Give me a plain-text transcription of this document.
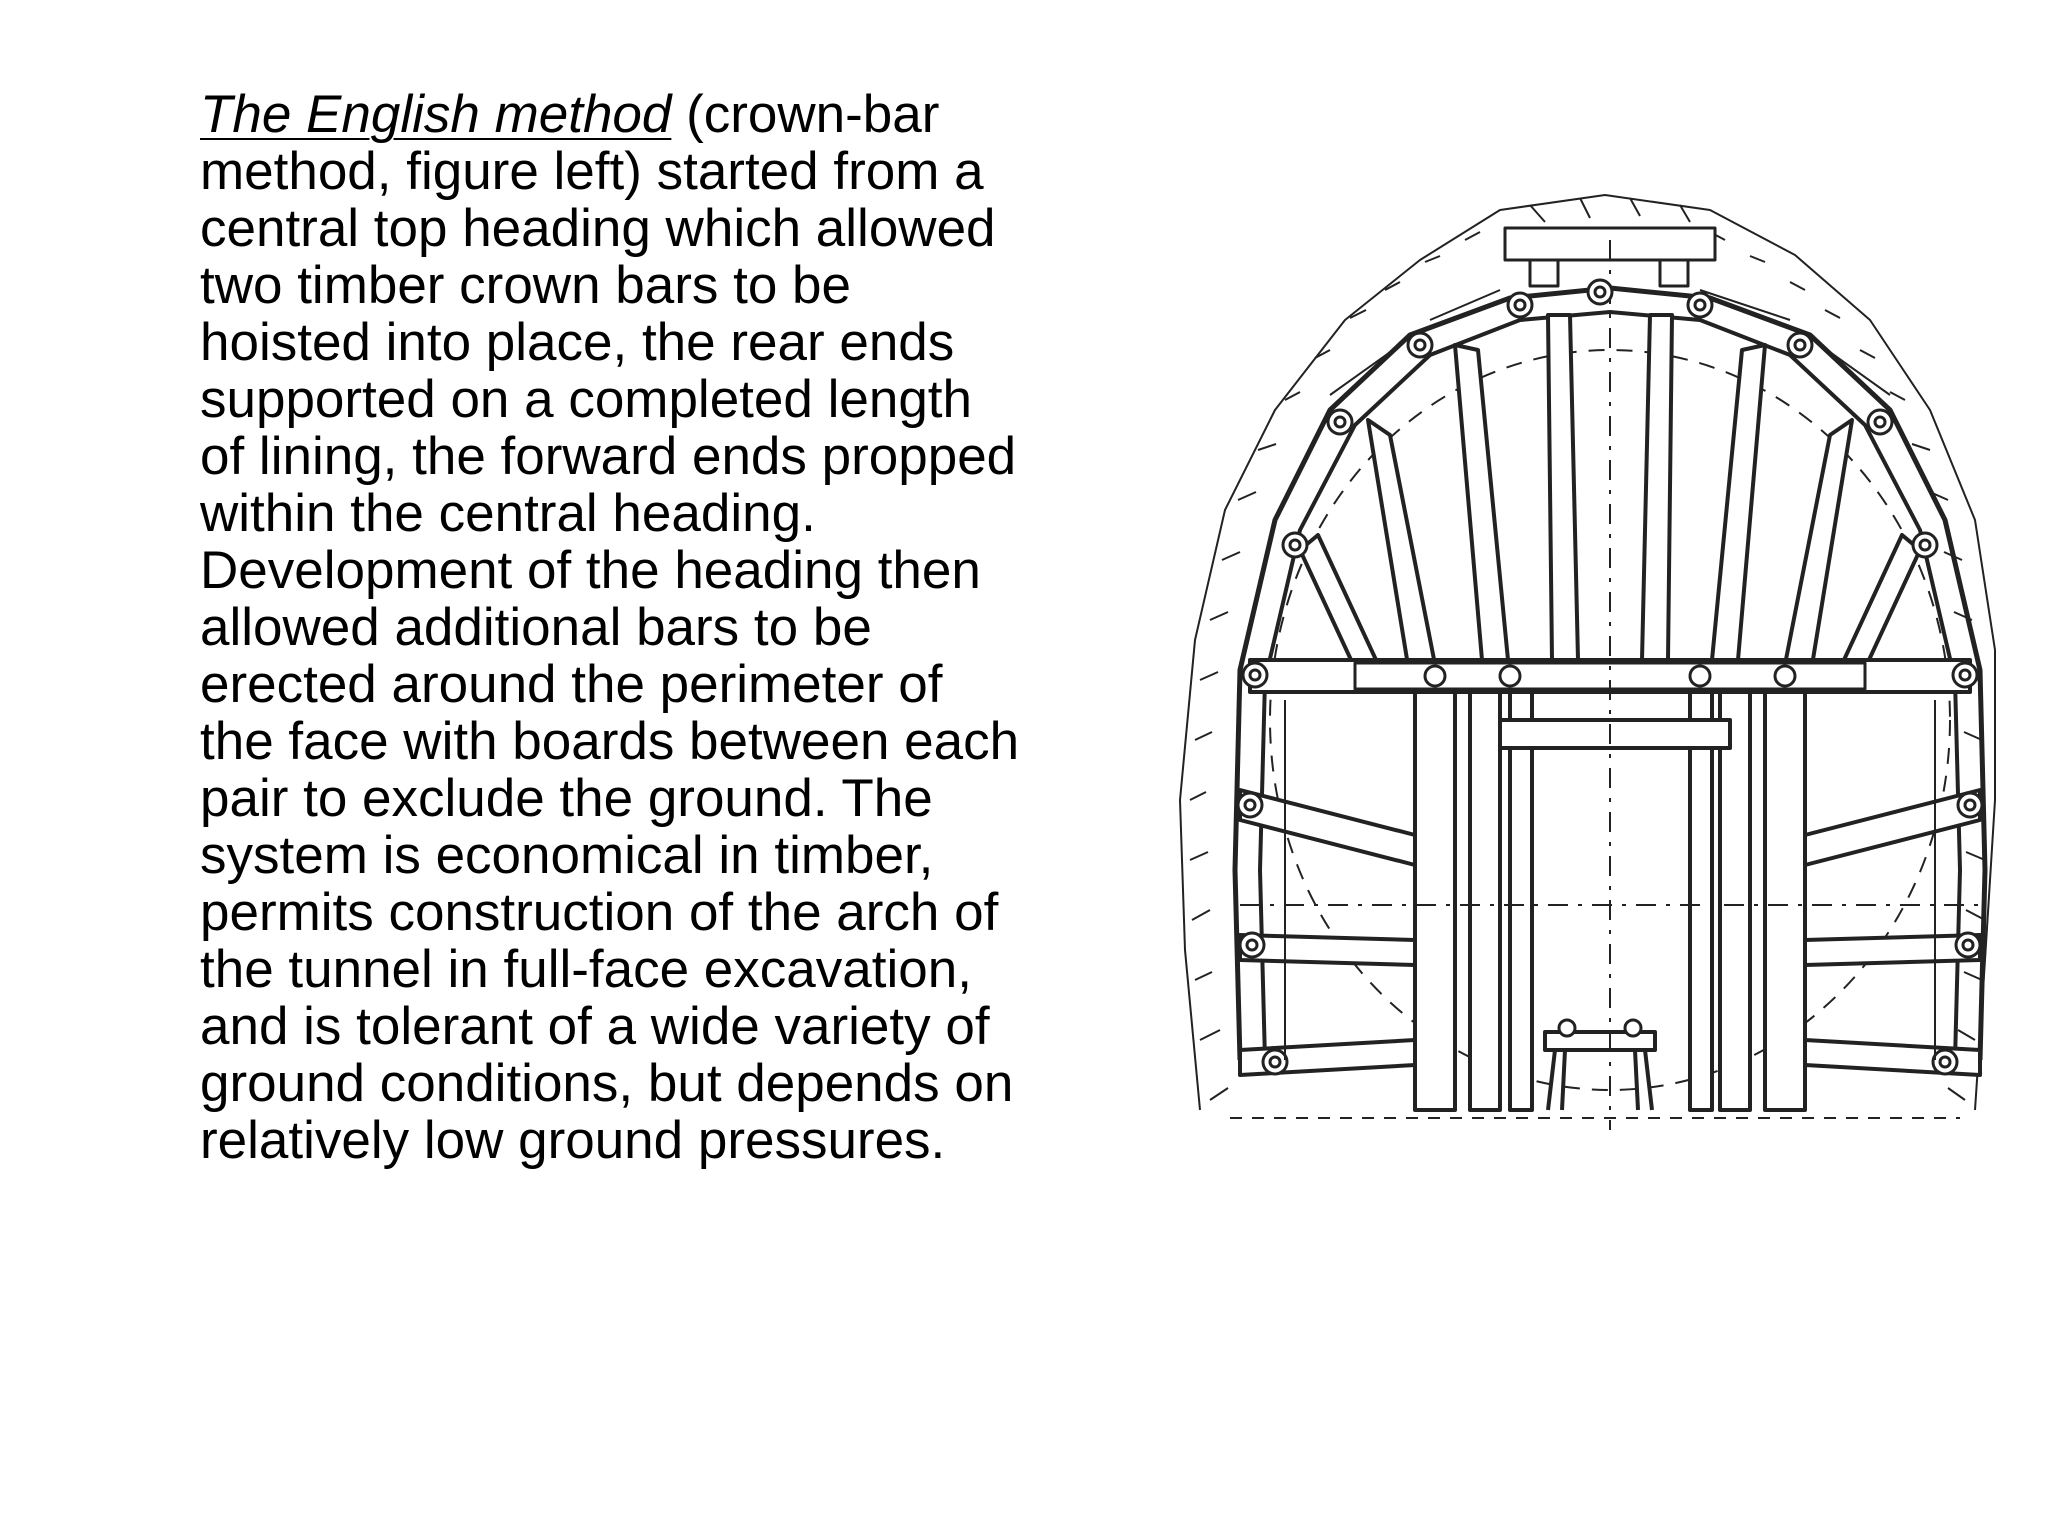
The English method (crown-bar
method, figure left) started from a
central top heading which allowed
two timber crown bars to be
hoisted into place, the rear ends
supported on a completed length
of lining, the forward ends propped
within the central heading.
Development of the heading then
allowed additional bars to be
erected around the perimeter of
the face with boards between each
pair to exclude the ground. The
system is economical in timber,
permits construction of the arch of
the tunnel in full-face excavation,
and is tolerant of a wide variety of
ground conditions, but depends on
relatively low ground pressures.
